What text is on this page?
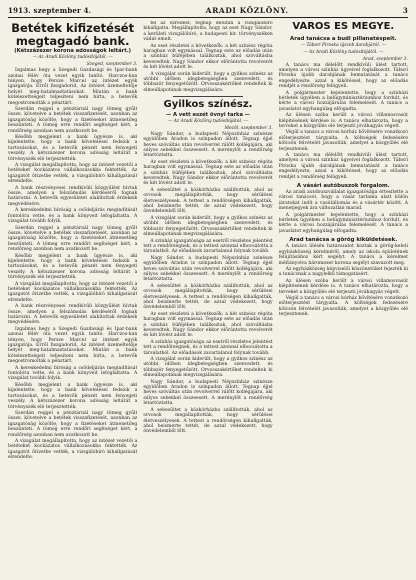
1913. szeptember 4.	ARADI KÖZLÖNY.	3
Betétek kifizetését
megtagadó bank.
(Kétszázezer korona adósságok leltárt.)
— Az Aradi Közlöny tudósítójától. —
Szeged, szeptember 3.

Izgalmas hegy a Szegedi Gazdasági és Ipar-bank azonai félév óta vezet egyik tanító. Harczos-kan tényen, hogy Persze Marcel az intézet egyik igazgatója. Erről fiszgadorid, Az intézet üzemeltetője helyét meg-hatalmaztatásokat. Miután a bank kötelezettségeit teljesíteni nem birta, a betevők megostromolták a pénztárt.

Szerdán reggel a pénztárnál nagy tömeg gyűlt össze, követelve a betétek visszafizetését, azonban az igazgatóság közölte, hogy a fizetéseket átmenetileg beszünteti. A tömeg erre rendőri segítséget kért, a rendőrség azonban nem avatkozott be.

Később megjelent a bank ügyésze is, aki kijelentette, hogy a bank követelései fedezik a tartozásokat, és a betevők pénzét nem fenyegeti veszély. A kétszázezer korona adósság leltárát a törvényszék elé terjesztették.

A vizsgálat megállapította, hogy az intézet vezetői a betéteket kockázatos vállalkozásokba fektették. Az igazgatót őrizetbe vették, a vizsgálóbíró kihallgatását elrendelte.

A bank részvényesei rendkívüli közgyűlést hívtak össze, amelyen a felszámolás kérdéséről fognak határozni. A betevők egyesületet alakítottak érdekeik megvédésére.

A kereskedelmi bíróság a csődeljárás megindítását fontolóra vette, és a bank könyveit lefoglaltatta. A vizsgálat tovább folyik.

Szerdán reggel a pénztárnál nagy tömeg gyűlt össze, követelve a betétek visszafizetését, azonban az igazgatóság közölte, hogy a fizetéseket átmenetileg beszünteti. A tömeg erre rendőri segítséget kért, a rendőrség azonban nem avatkozott be.

Később megjelent a bank ügyésze is, aki kijelentette, hogy a bank követelései fedezik a tartozásokat, és a betevők pénzét nem fenyegeti veszély. A kétszázezer korona adósság leltárát a törvényszék elé terjesztették.

A vizsgálat megállapította, hogy az intézet vezetői a betéteket kockázatos vállalkozásokba fektették. Az igazgatót őrizetbe vették, a vizsgálóbíró kihallgatását elrendelte.

A bank részvényesei rendkívüli közgyűlést hívtak össze, amelyen a felszámolás kérdéséről fognak határozni. A betevők egyesületet alakítottak érdekeik megvédésére.

Izgalmas hegy a Szegedi Gazdasági és Ipar-bank azonai félév óta vezet egyik tanító. Harczos-kan tényen, hogy Persze Marcel az intézet egyik igazgatója. Erről fiszgadorid, Az intézet üzemeltetője helyét meg-hatalmaztatásokat. Miután a bank kötelezettségeit teljesíteni nem birta, a betevők megostromolták a pénztárt.

A kereskedelmi bíróság a csődeljárás megindítását fontolóra vette, és a bank könyveit lefoglaltatta. A vizsgálat tovább folyik.

Később megjelent a bank ügyésze is, aki kijelentette, hogy a bank követelései fedezik a tartozásokat, és a betevők pénzét nem fenyegeti veszély. A kétszázezer korona adósság leltárát a törvényszék elé terjesztették.

Szerdán reggel a pénztárnál nagy tömeg gyűlt össze, követelve a betétek visszafizetését, azonban az igazgatóság közölte, hogy a fizetéseket átmenetileg beszünteti. A tömeg erre rendőri segítséget kért, a rendőrség azonban nem avatkozott be.

A vizsgálat megállapította, hogy az intézet vezetői a betéteket kockázatos vállalkozásokba fektették. Az igazgatót őrizetbe vették, a vizsgálóbíró kihallgatását elrendelte.

fel az ezredest, tegnap délután a vizsgálóbíró kihallgatta. Megállapította, hogy az eset Nagy Sándor, a kerületi vizsgálóbíró, a budapesti kir. törvényszéken vádat emelt.

Az eset részletei a következők: a két színész régóta haragban volt egymással. Tegnap este az előadás után a színház büféjében találkoztak, ahol szóváltásba keveredtek. Nagy Sándor ekkor előrántotta revolverét és két lövést adott le.

A vizsgálat során kiderült, hogy a gyilkos színész az utóbbi időben idegbetegségben szenvedett, és többször fenyegetőzött. Orvosszakértőket rendeltek ki elmeállapotának megvizsgálására.

Gyilkos színész.
— A vett eszét övnyi tarka —
— Az Aradi Közlöny tudósítójától. —
Mezőt, szeptember 3.

Nagy Sándor, a budapesti Népszínház színésze egyidőben Aradon is színpadon állott. Tegnap éjjel heves szóváltás után revolverrel rálőtt kollégájára, aki súlyos sebekkel összeesett. A merénylőt a rendőrség letartóztatta.

Az eset részletei a következők: a két színész régóta haragban volt egymással. Tegnap este az előadás után a színház büféjében találkoztak, ahol szóváltásba keveredtek. Nagy Sándor ekkor előrántotta revolverét és két lövést adott le.

A sebesültet a közkórházba szállították, ahol az orvosok megállapították, hogy sérülései életveszélyesek. A tettest a rendőrségen kihallgatták, ahol beismerte tettét, de azzal védekezett, hogy önvédelemből lőtt.

A vizsgálat során kiderült, hogy a gyilkos színész az utóbbi időben idegbetegségben szenvedett, és többször fenyegetőzött. Orvosszakértőket rendeltek ki elmeállapotának megvizsgálására.

A színház igazgatósága az esetről részletes jelentést tett a rendőrségnek, és a tettest azonnal elbocsátotta a társulatból. Az előadások zavartalanul folynak tovább.

Nagy Sándor, a budapesti Népszínház színésze egyidőben Aradon is színpadon állott. Tegnap éjjel heves szóváltás után revolverrel rálőtt kollégájára, aki súlyos sebekkel összeesett. A merénylőt a rendőrség letartóztatta.

A sebesültet a közkórházba szállították, ahol az orvosok megállapították, hogy sérülései életveszélyesek. A tettest a rendőrségen kihallgatták, ahol beismerte tettét, de azzal védekezett, hogy önvédelemből lőtt.

Az eset részletei a következők: a két színész régóta haragban volt egymással. Tegnap este az előadás után a színház büféjében találkoztak, ahol szóváltásba keveredtek. Nagy Sándor ekkor előrántotta revolverét és két lövést adott le.

A színház igazgatósága az esetről részletes jelentést tett a rendőrségnek, és a tettest azonnal elbocsátotta a társulatból. Az előadások zavartalanul folynak tovább.

A vizsgálat során kiderült, hogy a gyilkos színész az utóbbi időben idegbetegségben szenvedett, és többször fenyegetőzött. Orvosszakértőket rendeltek ki elmeállapotának megvizsgálására.

Nagy Sándor, a budapesti Népszínház színésze egyidőben Aradon is színpadon állott. Tegnap éjjel heves szóváltás után revolverrel rálőtt kollégájára, aki súlyos sebekkel összeesett. A merénylőt a rendőrség letartóztatta.

A sebesültet a közkórházba szállították, ahol az orvosok megállapították, hogy sérülései életveszélyesek. A tettest a rendőrségen kihallgatták, ahol beismerte tettét, de azzal védekezett, hogy önvédelemből lőtt.

VÁROS ES MEGYE.
Arad tanácsa a budi pillanatéspeit.
— Tábori Piroska újszeb darabjáról. —
— Az Aradi Közlöny tudósítójától. —
Arad, szeptember 3.

A tanács ma délelőtt rendkívüli ülést tartott, amelyen a városi színház ügyeivel foglalkozott. Tábori Piroska újabb darabjának bemutatását a tanács engedélyezte, azzal a kikötéssel, hogy az előadás rendjét a rendőrség felügyeli.

A polgármester bejelentette, hogy a színházi bérletek ügyében a belügyminisztériumhoz fordult, és kérte a városi hozzájárulás felemelését. A tanács a javaslatot egyhangúlag elfogadta.

Az ülésen szóba került a városi villamosvasút kiépítésének kérdése is. A tanács elhatározta, hogy a terveket a közgyűlés elé terjeszti jóváhagyás végett.

Végül a tanács a városi kórház bővítésére vonatkozó előterjesztést tárgyalta. A költségek fedezésére kölcsön felvételét javasolták, amelyet a közgyűlés elé terjesztenek.

A tanács ma délelőtt rendkívüli ülést tartott, amelyen a városi színház ügyeivel foglalkozott. Tábori Piroska újabb darabjának bemutatását a tanács engedélyezte, azzal a kikötéssel, hogy az előadás rendjét a rendőrség felügyeli.

A vásári autóbuszok forgalom.

Az aradi autóbuszvállalat igazgatósága értesítette a városi tanácsot, hogy a vásár tartama alatt külön járatokat indít a vasútállomás és a vásártér között. A menetjegyek ára változatlan marad.

A polgármester bejelentette, hogy a színházi bérletek ügyében a belügyminisztériumhoz fordult, és kérte a városi hozzájárulás felemelését. A tanács a javaslatot egyhangúlag elfogadta.

Arad tanácsa a görög kiküldetések.

A tanács ülésén határozatot hoztak a görög-keleti egyházközség kérelméről, amely az iskola épületének felújításához kért segélyt. A tanács a kérelmet méltányolva háromezer korona segélyt szavazott meg.

Az egyházközség képviselői köszönetüket fejezték ki a tanácsnak a nagylelkű támogatásért.

Az ülésen szóba került a városi villamosvasút kiépítésének kérdése is. A tanács elhatározta, hogy a terveket a közgyűlés elé terjeszti jóváhagyás végett.

Végül a tanács a városi kórház bővítésére vonatkozó előterjesztést tárgyalta. A költségek fedezésére kölcsön felvételét javasolták, amelyet a közgyűlés elé terjesztenek.
